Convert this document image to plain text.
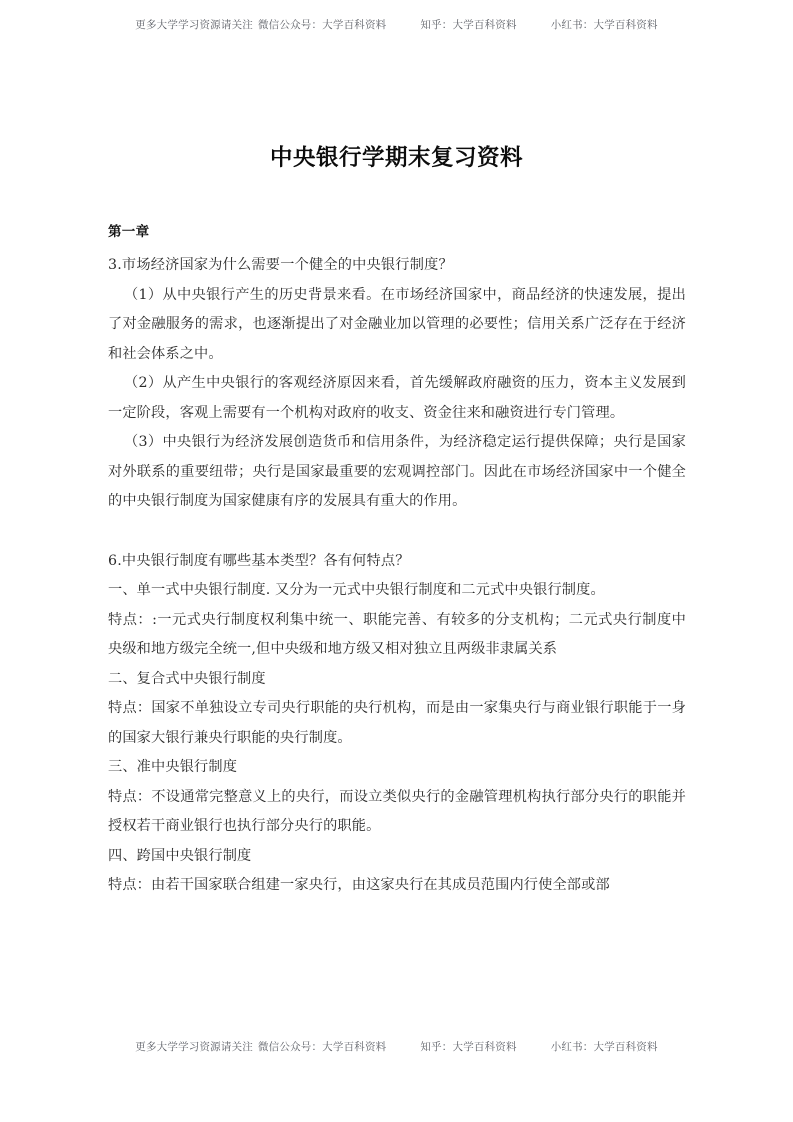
更多大学学习资源请关注 微信公众号：大学百科资料	知乎：大学百科资料	小红书：大学百科资料
中央银行学期末复习资料

第一章

3.市场经济国家为什么需要一个健全的中央银行制度？

（1）从中央银行产生的历史背景来看。在市场经济国家中，商品经济的快速发展，提出了对金融服务的需求，也逐渐提出了对金融业加以管理的必要性；信用关系广泛存在于经济和社会体系之中。

（2）从产生中央银行的客观经济原因来看，首先缓解政府融资的压力，资本主义发展到一定阶段，客观上需要有一个机构对政府的收支、资金往来和融资进行专门管理。

（3）中央银行为经济发展创造货币和信用条件，为经济稳定运行提供保障；央行是国家对外联系的重要纽带；央行是国家最重要的宏观调控部门。因此在市场经济国家中一个健全的中央银行制度为国家健康有序的发展具有重大的作用。

6.中央银行制度有哪些基本类型？各有何特点？

一、单一式中央银行制度. 又分为一元式中央银行制度和二元式中央银行制度。

特点：:一元式央行制度权利集中统一、职能完善、有较多的分支机构；二元式央行制度中央级和地方级完全统一,但中央级和地方级又相对独立且两级非隶属关系

二、复合式中央银行制度

特点：国家不单独设立专司央行职能的央行机构，而是由一家集央行与商业银行职能于一身的国家大银行兼央行职能的央行制度。

三、准中央银行制度

特点：不设通常完整意义上的央行，而设立类似央行的金融管理机构执行部分央行的职能并授权若干商业银行也执行部分央行的职能。

四、跨国中央银行制度

特点：由若干国家联合组建一家央行，由这家央行在其成员范围内行使全部或部

更多大学学习资源请关注 微信公众号：大学百科资料	知乎：大学百科资料	小红书：大学百科资料
